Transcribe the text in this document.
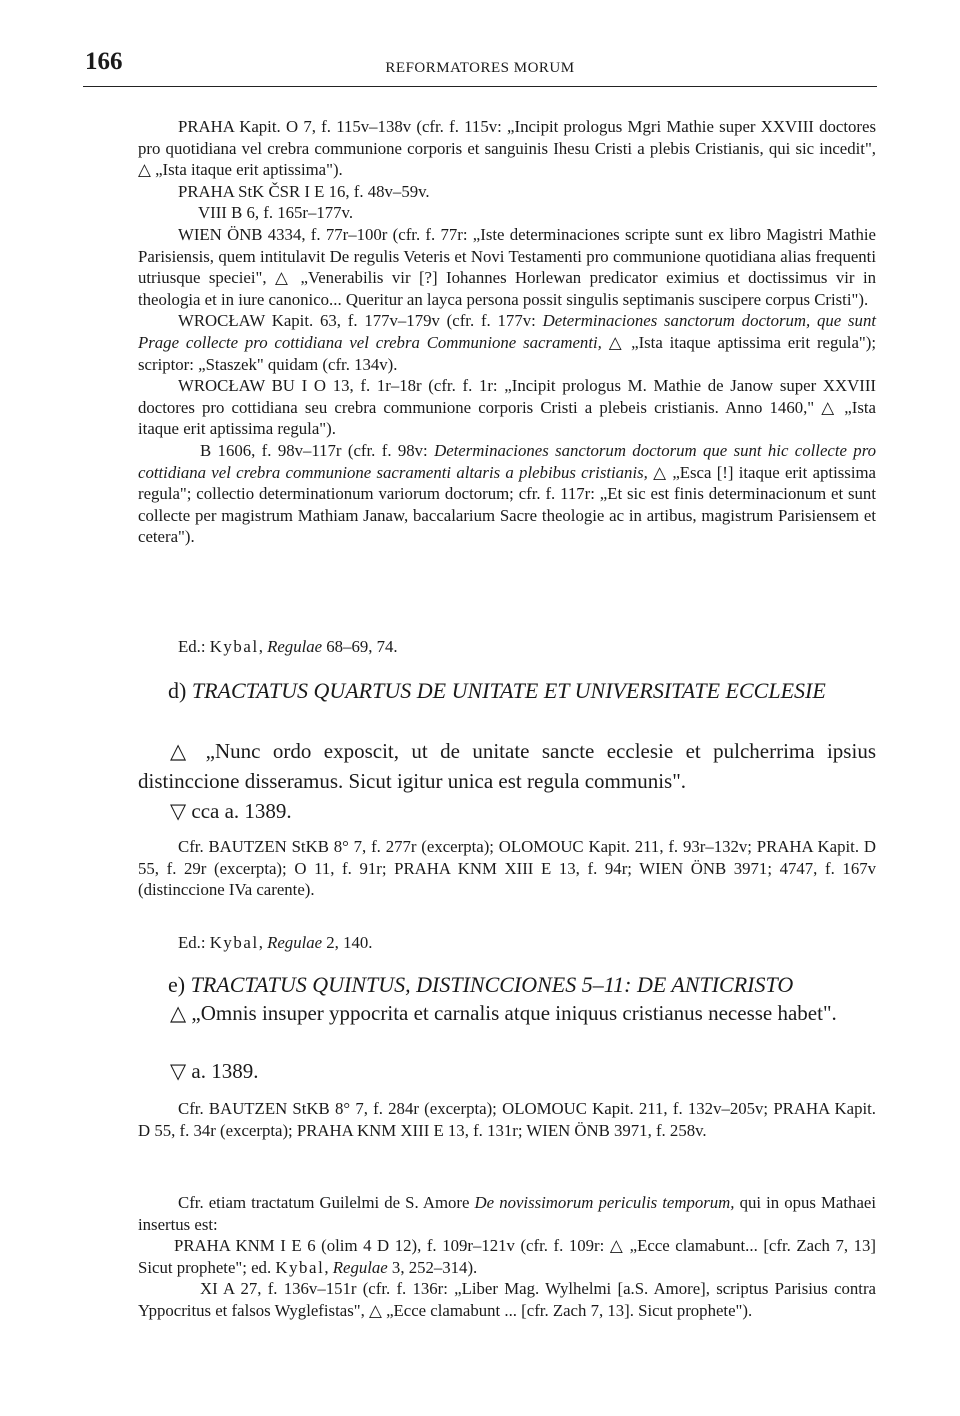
166	REFORMATORES MORUM

PRAHA Kapit. O 7, f. 115v–138v (cfr. f. 115v: „Incipit prologus Mgri Mathie super XXVIII doctores pro quotidiana vel crebra communione corporis et sanguinis Ihesu Cristi a plebis Cristianis, qui sic incedit", △ „Ista itaque erit aptissima").

PRAHA StK ČSR I E 16, f. 48v–59v.

VIII B 6, f. 165r–177v.

WIEN ÖNB 4334, f. 77r–100r (cfr. f. 77r: „Iste determinaciones scripte sunt ex libro Magistri Mathie Parisiensis, quem intitulavit De regulis Veteris et Novi Testamenti pro communione quotidiana alias frequenti utriusque speciei", △ „Venerabilis vir [?] Iohannes Horlewan predicator eximius et doctissimus vir in theologia et in iure canonico... Queritur an layca persona possit singulis septimanis suscipere corpus Cristi").

WROCŁAW Kapit. 63, f. 177v–179v (cfr. f. 177v: Determinaciones sanctorum doctorum, que sunt Prage collecte pro cottidiana vel crebra Communione sacramenti, △ „Ista itaque aptissima erit regula"); scriptor: „Staszek" quidam (cfr. 134v).

WROCŁAW BU I O 13, f. 1r–18r (cfr. f. 1r: „Incipit prologus M. Mathie de Janow super XXVIII doctores pro cottidiana seu crebra communione corporis Cristi a plebeis cristianis. Anno 1460," △ „Ista itaque erit aptissima regula").

B 1606, f. 98v–117r (cfr. f. 98v: Determinaciones sanctorum doctorum que sunt hic collecte pro cottidiana vel crebra communione sacramenti altaris a plebibus cristianis, △ „Esca [!] itaque erit aptissima regula"; collectio determinationum variorum doctorum; cfr. f. 117r: „Et sic est finis determinacionum et sunt collecte per magistrum Mathiam Janaw, baccalarium Sacre theologie ac in artibus, magistrum Parisiensem et cetera").

Ed.: Kybal, Regulae 68–69, 74.

d) TRACTATUS QUARTUS DE UNITATE ET UNIVERSITATE ECCLESIE

△ „Nunc ordo exposcit, ut de unitate sancte ecclesie et pulcherrima ipsius distinccione disseramus. Sicut igitur unica est regula communis".

▽ cca a. 1389.

Cfr. BAUTZEN StKB 8° 7, f. 277r (excerpta); OLOMOUC Kapit. 211, f. 93r–132v; PRAHA Kapit. D 55, f. 29r (excerpta); O 11, f. 91r; PRAHA KNM XIII E 13, f. 94r; WIEN ÖNB 3971; 4747, f. 167v (distinccione IVa carente).

Ed.: Kybal, Regulae 2, 140.

e) TRACTATUS QUINTUS, DISTINCCIONES 5–11: DE ANTICRISTO

△ „Omnis insuper yppocrita et carnalis atque iniquus cristianus necesse habet".

▽ a. 1389.

Cfr. BAUTZEN StKB 8° 7, f. 284r (excerpta); OLOMOUC Kapit. 211, f. 132v–205v; PRAHA Kapit. D 55, f. 34r (excerpta); PRAHA KNM XIII E 13, f. 131r; WIEN ÖNB 3971, f. 258v.

Cfr. etiam tractatum Guilelmi de S. Amore De novissimorum periculis temporum, qui in opus Mathaei insertus est:

PRAHA KNM I E 6 (olim 4 D 12), f. 109r–121v (cfr. f. 109r: △ „Ecce clamabunt... [cfr. Zach 7, 13] Sicut prophete"; ed. Kybal, Regulae 3, 252–314).

XI A 27, f. 136v–151r (cfr. f. 136r: „Liber Mag. Wylhelmi [a.S. Amore], scriptus Parisius contra Yppocritus et falsos Wyglefistas", △ „Ecce clamabunt ... [cfr. Zach 7, 13]. Sicut prophete").
